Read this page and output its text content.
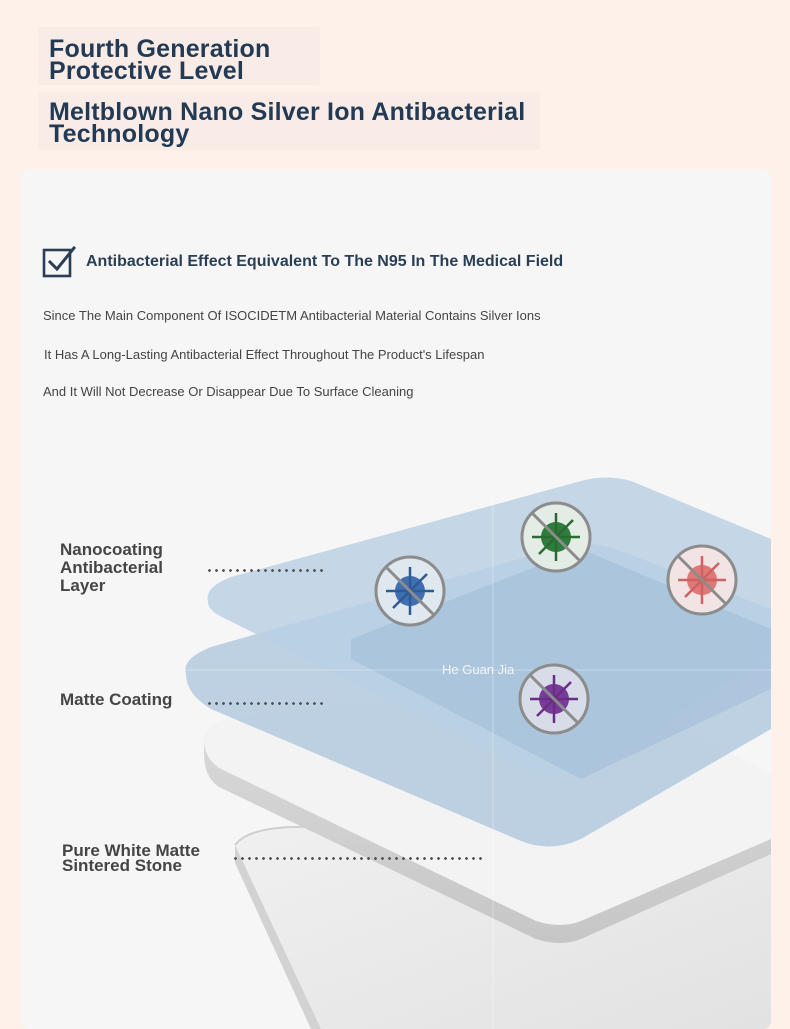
Fourth Generation
Protective Level
Meltblown Nano Silver Ion Antibacterial
Technology
Antibacterial Effect Equivalent To The N95 In The Medical Field
Since The Main Component Of ISOCIDETM Antibacterial Material Contains Silver Ions
It Has A Long-Lasting Antibacterial Effect Throughout The Product's Lifespan
And It Will Not Decrease Or Disappear Due To Surface Cleaning
He Guan Jia
Nanocoating
Antibacterial
Layer
Matte Coating
Pure White Matte
Sintered Stone
